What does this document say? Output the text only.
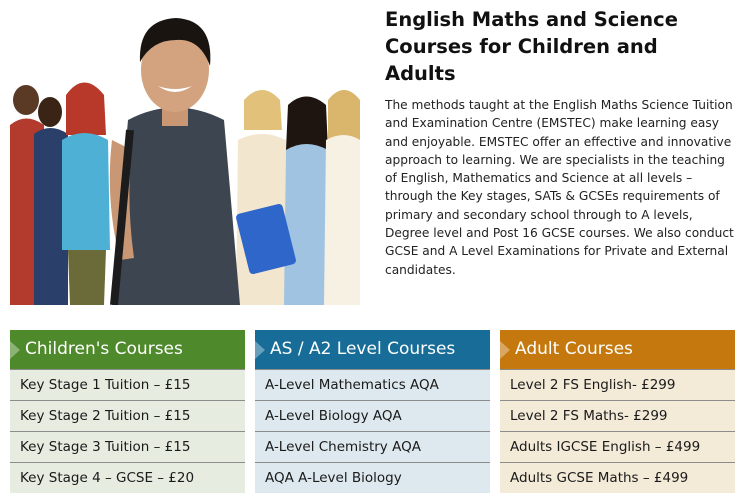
English Maths and Science Courses for Children and Adults

The methods taught at the English Maths Science Tuition and Examination Centre (EMSTEC) make learning easy and enjoyable. EMSTEC offer an effective and innovative approach to learning. We are specialists in the teaching of English, Mathematics and Science at all levels – through the Key stages, SATs & GCSEs requirements of primary and secondary school through to A levels, Degree level and Post 16 GCSE courses. We also conduct GCSE and A Level Examinations for Private and External candidates.

Children's Courses
Key Stage 1 Tuition – £15
Key Stage 2 Tuition – £15
Key Stage 3 Tuition – £15
Key Stage 4 – GCSE – £20
AS / A2 Level Courses
A-Level Mathematics AQA
A-Level Biology AQA
A-Level Chemistry AQA
AQA A-Level Biology
Adult Courses
Level 2 FS English- £299
Level 2 FS Maths- £299
Adults IGCSE English – £499
Adults GCSE Maths – £499
